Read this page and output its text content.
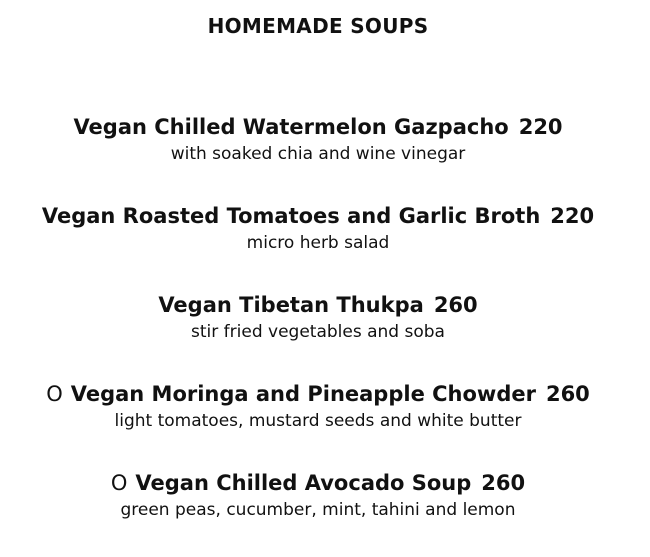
HOMEMADE SOUPS
Vegan Chilled Watermelon Gazpacho 220
with soaked chia and wine vinegar
Vegan Roasted Tomatoes and Garlic Broth 220
micro herb salad
Vegan Tibetan Thukpa 260
stir fried vegetables and soba
O Vegan Moringa and Pineapple Chowder 260
light tomatoes, mustard seeds and white butter
O Vegan Chilled Avocado Soup 260
green peas, cucumber, mint, tahini and lemon
